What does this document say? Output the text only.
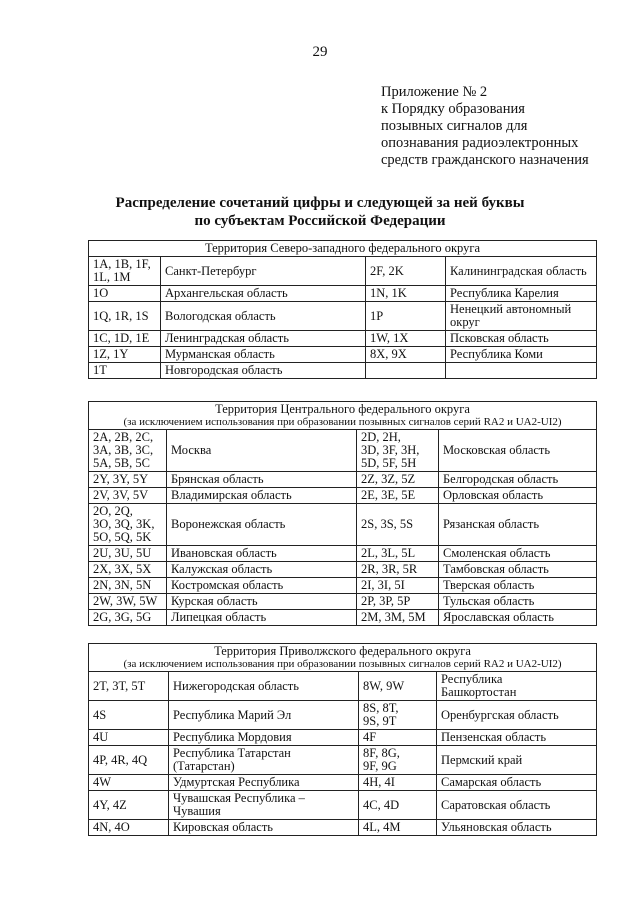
29
Приложение № 2
к Порядку образования
позывных сигналов для
опознавания радиоэлектронных
средств гражданского назначения
Распределение сочетаний цифры и следующей за ней буквы
по субъектам Российской Федерации
Территория Северо-западного федерального округа			
1A, 1B, 1F,
1L, 1M	Санкт-Петербург	2F, 2K	Калининградская область
1O	Архангельская область	1N, 1K	Республика Карелия
1Q, 1R, 1S	Вологодская область	1P	Ненецкий автономный
округ
1C, 1D, 1E	Ленинградская область	1W, 1X	Псковская область
1Z, 1Y	Мурманская область	8X, 9X	Республика Коми
1T	Новгородская область		
Территория Центрального федерального округа
(за исключением использования при образовании позывных сигналов серий RA2 и UA2-UI2)			

2A, 2B, 2C,
3A, 3B, 3C,
5A, 5B, 5C	Москва	2D, 2H,
3D, 3F, 3H,
5D, 5F, 5H	Московская область
2Y, 3Y, 5Y	Брянская область	2Z, 3Z, 5Z	Белгородская область
2V, 3V, 5V	Владимирская область	2E, 3E, 5E	Орловская область
2O, 2Q,
3O, 3Q, 3K,
5O, 5Q, 5K	Воронежская область	2S, 3S, 5S	Рязанская область
2U, 3U, 5U	Ивановская область	2L, 3L, 5L	Смоленская область
2X, 3X, 5X	Калужская область	2R, 3R, 5R	Тамбовская область
2N, 3N, 5N	Костромская область	2I, 3I, 5I	Тверская область
2W, 3W, 5W	Курская область	2P, 3P, 5P	Тульская область
2G, 3G, 5G	Липецкая область	2M, 3M, 5M	Ярославская область
Территория Приволжского федерального округа
(за исключением использования при образовании позывных сигналов серий RA2 и UA2-UI2)			

2T, 3T, 5T	Нижегородская область	8W, 9W	Республика
Башкортостан
4S	Республика Марий Эл	8S, 8T,
9S, 9T	Оренбургская область
4U	Республика Мордовия	4F	Пензенская область
4P, 4R, 4Q	Республика Татарстан
(Татарстан)	8F, 8G,
9F, 9G	Пермский край
4W	Удмуртская Республика	4H, 4I	Самарская область
4Y, 4Z	Чувашская Республика –
Чувашия	4C, 4D	Саратовская область
4N, 4O	Кировская область	4L, 4M	Ульяновская область
